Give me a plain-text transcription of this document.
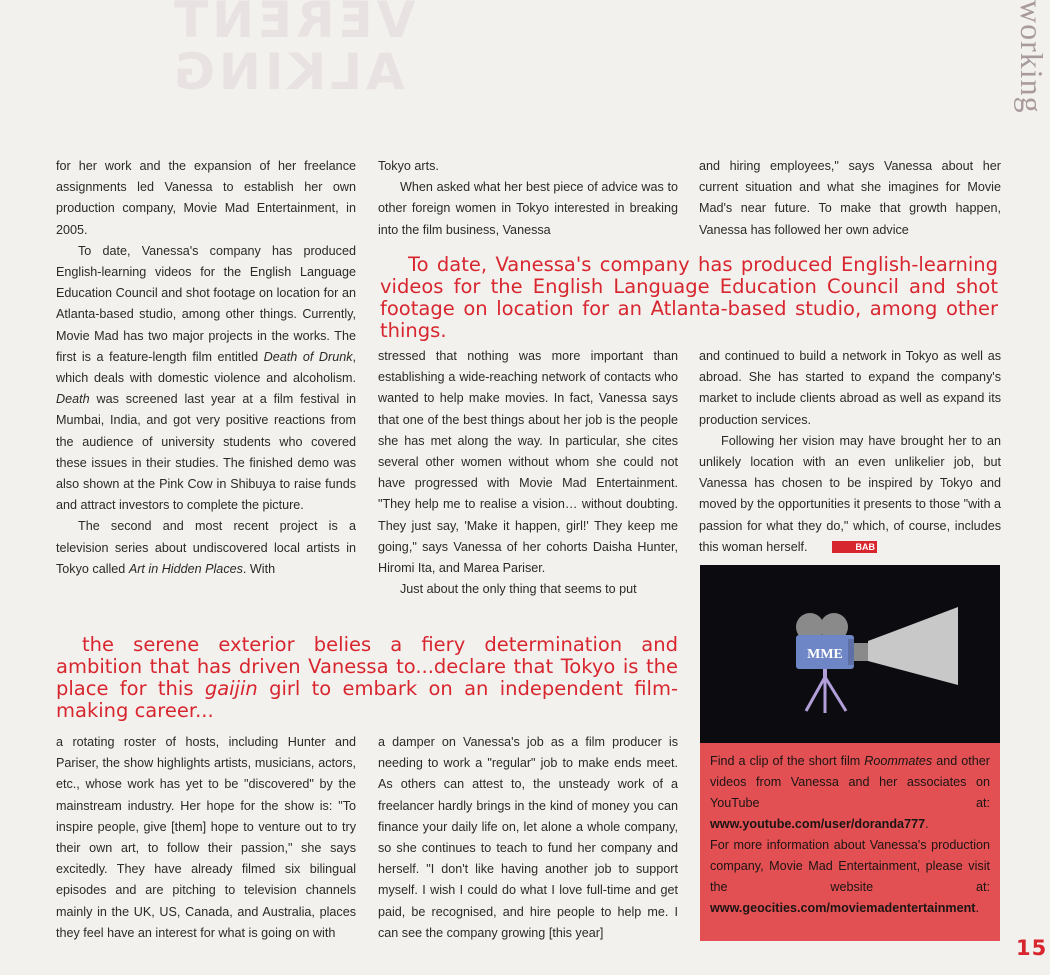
VERENT
ALKING	working

for her work and the expansion of her freelance assignments led Vanessa to establish her own production company, Movie Mad Entertainment, in 2005.

To date, Vanessa's company has produced English-learning videos for the English Language Education Council and shot footage on location for an Atlanta-based studio, among other things. Currently, Movie Mad has two major projects in the works. The first is a feature-length film entitled Death of Drunk, which deals with domestic violence and alcoholism. Death was screened last year at a film festival in Mumbai, India, and got very positive reactions from the audience of university students who covered these issues in their studies. The finished demo was also shown at the Pink Cow in Shibuya to raise funds and attract investors to complete the picture.

The second and most recent project is a television series about undiscovered local artists in Tokyo called Art in Hidden Places. With

Tokyo arts.

When asked what her best piece of advice was to other foreign women in Tokyo interested in breaking into the film business, Vanessa

and hiring employees," says Vanessa about her current situation and what she imagines for Movie Mad's near future. To make that growth happen, Vanessa has followed her own advice

To date, Vanessa's company has produced English-learning videos for the English Language Education Council and shot footage on location for an Atlanta-based studio, among other things.

stressed that nothing was more important than establishing a wide-reaching network of contacts who wanted to help make movies. In fact, Vanessa says that one of the best things about her job is the people she has met along the way. In particular, she cites several other women without whom she could not have progressed with Movie Mad Entertainment. "They help me to realise a vision… without doubting. They just say, 'Make it happen, girl!' They keep me going," says Vanessa of her cohorts Daisha Hunter, Hiromi Ita, and Marea Pariser.

Just about the only thing that seems to put

and continued to build a network in Tokyo as well as abroad. She has started to expand the company's market to include clients abroad as well as expand its production services.

Following her vision may have brought her to an unlikely location with an even unlikelier job, but Vanessa has chosen to be inspired by Tokyo and moved by the opportunities it presents to those "with a passion for what they do," which, of course, includes this woman herself.	BAB

the serene exterior belies a fiery determination and ambition that has driven Vanessa to...declare that Tokyo is the place for this gaijin girl to embark on an independent film-making career...

a rotating roster of hosts, including Hunter and Pariser, the show highlights artists, musicians, actors, etc., whose work has yet to be "discovered" by the mainstream industry. Her hope for the show is: "To inspire people, give [them] hope to venture out to try their own art, to follow their passion," she says excitedly. They have already filmed six bilingual episodes and are pitching to television channels mainly in the UK, US, Canada, and Australia, places they feel have an interest for what is going on with

a damper on Vanessa's job as a film producer is needing to work a "regular" job to make ends meet. As others can attest to, the unsteady work of a freelancer hardly brings in the kind of money you can finance your daily life on, let alone a whole company, so she continues to teach to fund her company and herself. "I don't like having another job to support myself. I wish I could do what I love full-time and get paid, be recognised, and hire people to help me. I can see the company growing [this year]

MME

Find a clip of the short film Roommates and other videos from Vanessa and her associates on YouTube at: www.youtube.com/user/doranda777.

For more information about Vanessa's production company, Movie Mad Entertainment, please visit the website at: www.geocities.com/moviemadentertainment.

15
